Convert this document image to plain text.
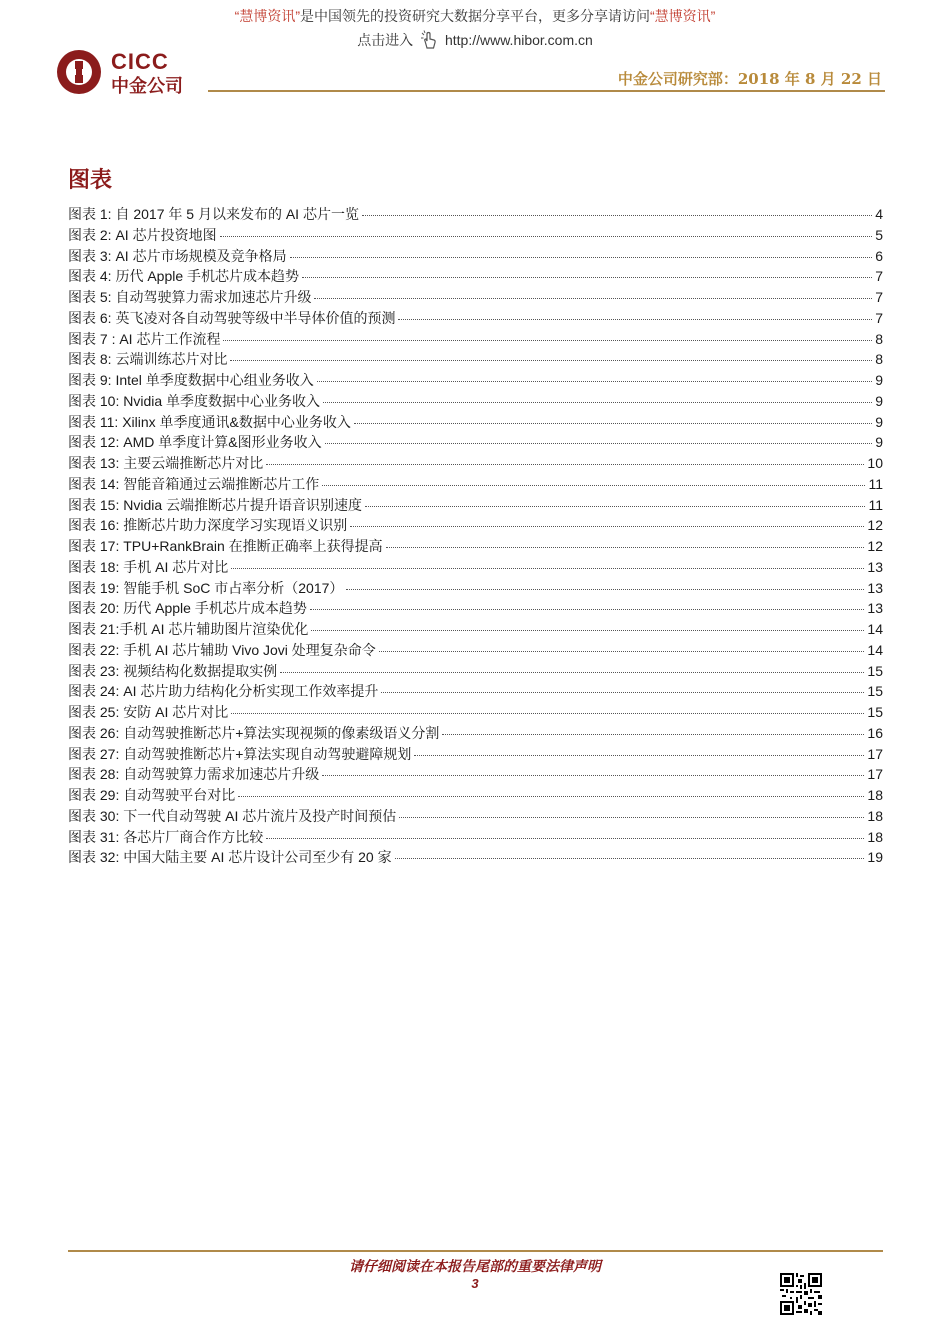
“慧博资讯”是中国领先的投资研究大数据分享平台，更多分享请访问“慧博资讯”
点击进入 http://www.hibor.com.cn
CICC
中金公司	中金公司研究部：2018 年 8 月 22 日
图表
图表 1: 自 2017 年 5 月以来发布的 AI 芯片一览	4
图表 2: AI 芯片投资地图	5
图表 3: AI 芯片市场规模及竞争格局	6
图表 4: 历代 Apple 手机芯片成本趋势	7
图表 5: 自动驾驶算力需求加速芯片升级	7
图表 6: 英飞凌对各自动驾驶等级中半导体价值的预测	7
图表 7 : AI 芯片工作流程	8
图表 8: 云端训练芯片对比	8
图表 9: Intel 单季度数据中心组业务收入	9
图表 10: Nvidia 单季度数据中心业务收入	9
图表 11: Xilinx 单季度通讯&数据中心业务收入	9
图表 12: AMD 单季度计算&图形业务收入	9
图表 13: 主要云端推断芯片对比	10
图表 14: 智能音箱通过云端推断芯片工作	11
图表 15: Nvidia 云端推断芯片提升语音识别速度	11
图表 16: 推断芯片助力深度学习实现语义识别	12
图表 17: TPU+RankBrain 在推断正确率上获得提高	12
图表 18: 手机 AI 芯片对比	13
图表 19: 智能手机 SoC 市占率分析（2017）	13
图表 20: 历代 Apple 手机芯片成本趋势	13
图表 21:手机 AI 芯片辅助图片渲染优化	14
图表 22: 手机 AI 芯片辅助 Vivo Jovi 处理复杂命令	14
图表 23: 视频结构化数据提取实例	15
图表 24: AI 芯片助力结构化分析实现工作效率提升	15
图表 25: 安防 AI 芯片对比	15
图表 26: 自动驾驶推断芯片+算法实现视频的像素级语义分割	16
图表 27: 自动驾驶推断芯片+算法实现自动驾驶避障规划	17
图表 28: 自动驾驶算力需求加速芯片升级	17
图表 29: 自动驾驶平台对比	18
图表 30: 下一代自动驾驶 AI 芯片流片及投产时间预估	18
图表 31: 各芯片厂商合作方比较	18
图表 32: 中国大陆主要 AI 芯片设计公司至少有 20 家	19
请仔细阅读在本报告尾部的重要法律声明
3
